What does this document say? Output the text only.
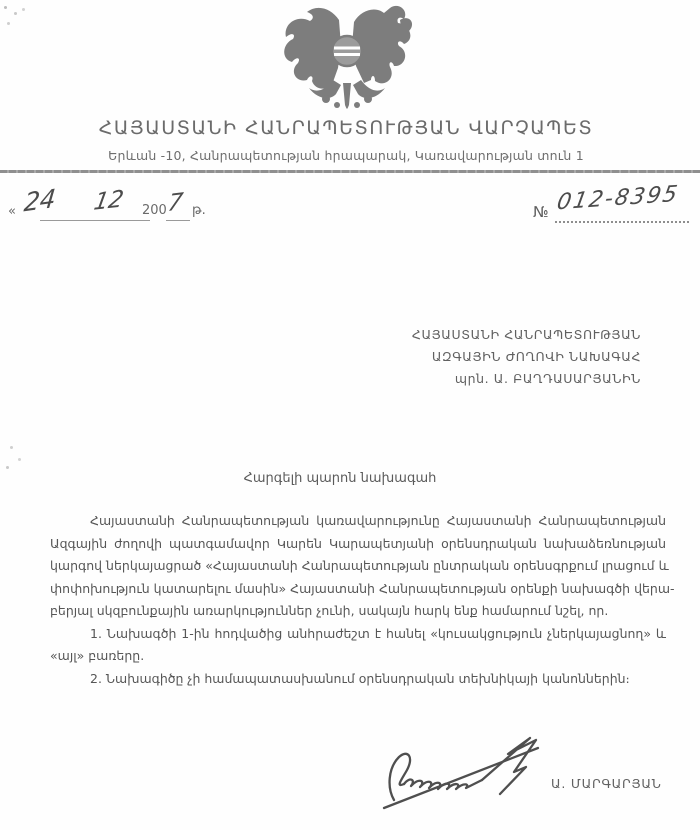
ՀԱՅԱՍՏԱՆԻ ՀԱՆՐԱՊԵՏՈՒԹՅԱՆ ՎԱՐՉԱՊԵՏ
Երևան -10, Հանրապետության հրապարակ, Կառավարության տուն 1
« 24 12 200 7 թ.	№ 012-8395
ՀԱՅԱՍՏԱՆԻ ՀԱՆՐԱՊԵՏՈՒԹՅԱՆ
ԱԶԳԱՅԻՆ ԺՈՂՈՎԻ ՆԱԽԱԳԱՀ
պրն. Ա. ԲԱՂԴԱՍԱՐՅԱՆԻՆ
Հարգելի պարոն նախագահ
Հայաստանի Հանրապետության կառավարությունը Հայաստանի Հանրապետության
Ազգային ժողովի պատգամավոր Կարեն Կարապետյանի օրենսդրական նախաձեռնության
կարգով ներկայացրած «Հայաստանի Հանրապետության ընտրական օրենսգրքում լրացում և
փոփոխություն կատարելու մասին» Հայաստանի Հանրապետության օրենքի նախագծի վերա-
բերյալ սկզբունքային առարկություններ չունի, սակայն հարկ ենք համարում նշել, որ.
1. Նախագծի 1-ին հոդվածից անհրաժեշտ է հանել «կուսակցություն չներկայացնող» և
«այլ» բառերը.
2. Նախագիծը չի համապատասխանում օրենսդրական տեխնիկայի կանոններին։
Ա. ՄԱՐԳԱՐՅԱՆ
